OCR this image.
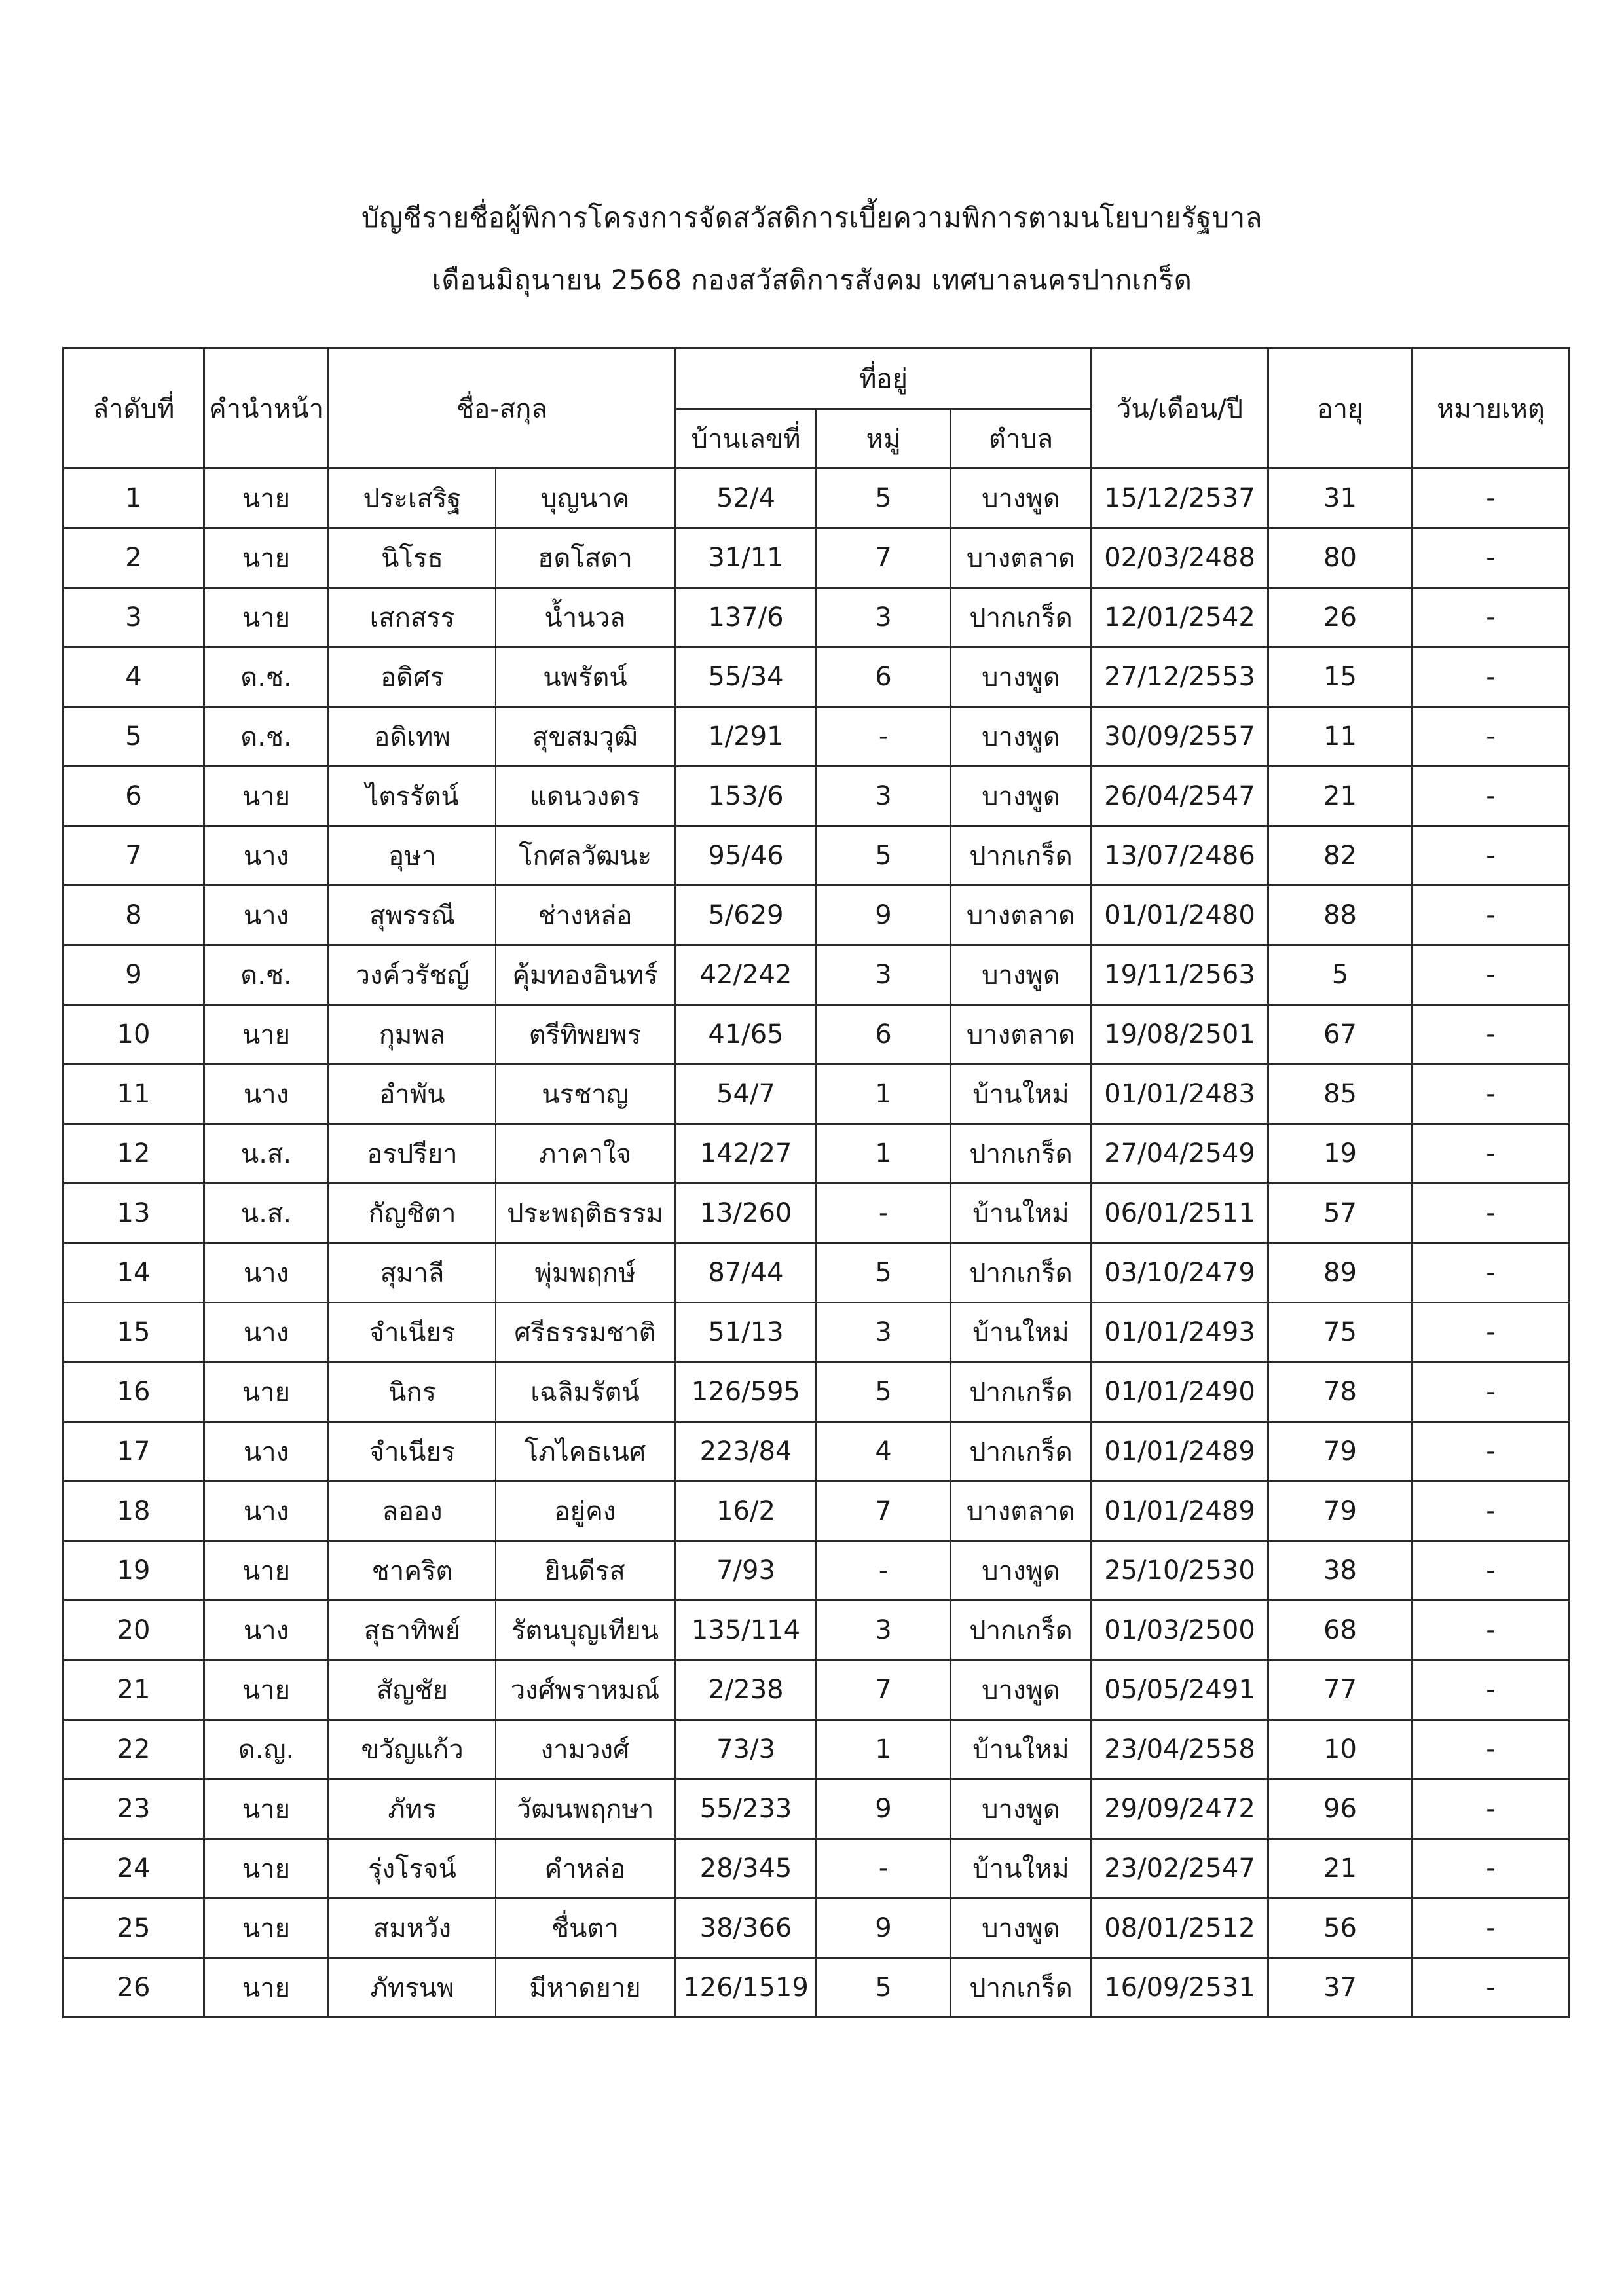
บัญชีรายชื่อผู้พิการโครงการจัดสวัสดิการเบี้ยความพิการตามนโยบายรัฐบาล
เดือนมิถุนายน 2568 กองสวัสดิการสังคม เทศบาลนครปากเกร็ด
ลำดับที่	คำนำหน้า	ชื่อ-สกุล		ที่อยู่			วัน/เดือน/ปี	อายุ	หมายเหตุ
				บ้านเลขที่	หมู่	ตำบล			
1	นาย	ประเสริฐ	บุญนาค	52/4	5	บางพูด	15/12/2537	31	-
2	นาย	นิโรธ	ฮดโสดา	31/11	7	บางตลาด	02/03/2488	80	-
3	นาย	เสกสรร	น้ำนวล	137/6	3	ปากเกร็ด	12/01/2542	26	-
4	ด.ช.	อดิศร	นพรัตน์	55/34	6	บางพูด	27/12/2553	15	-
5	ด.ช.	อดิเทพ	สุขสมวุฒิ	1/291	-	บางพูด	30/09/2557	11	-
6	นาย	ไตรรัตน์	แดนวงดร	153/6	3	บางพูด	26/04/2547	21	-
7	นาง	อุษา	โกศลวัฒนะ	95/46	5	ปากเกร็ด	13/07/2486	82	-
8	นาง	สุพรรณี	ช่างหล่อ	5/629	9	บางตลาด	01/01/2480	88	-
9	ด.ช.	วงค์วรัชญ์	คุ้มทองอินทร์	42/242	3	บางพูด	19/11/2563	5	-
10	นาย	กุมพล	ตรีทิพยพร	41/65	6	บางตลาด	19/08/2501	67	-
11	นาง	อำพัน	นรชาญ	54/7	1	บ้านใหม่	01/01/2483	85	-
12	น.ส.	อรปรียา	ภาคาใจ	142/27	1	ปากเกร็ด	27/04/2549	19	-
13	น.ส.	กัญชิตา	ประพฤติธรรม	13/260	-	บ้านใหม่	06/01/2511	57	-
14	นาง	สุมาลี	พุ่มพฤกษ์	87/44	5	ปากเกร็ด	03/10/2479	89	-
15	นาง	จำเนียร	ศรีธรรมชาติ	51/13	3	บ้านใหม่	01/01/2493	75	-
16	นาย	นิกร	เฉลิมรัตน์	126/595	5	ปากเกร็ด	01/01/2490	78	-
17	นาง	จำเนียร	โภไคธเนศ	223/84	4	ปากเกร็ด	01/01/2489	79	-
18	นาง	ลออง	อยู่คง	16/2	7	บางตลาด	01/01/2489	79	-
19	นาย	ชาคริต	ยินดีรส	7/93	-	บางพูด	25/10/2530	38	-
20	นาง	สุธาทิพย์	รัตนบุญเทียน	135/114	3	ปากเกร็ด	01/03/2500	68	-
21	นาย	สัญชัย	วงศ์พราหมณ์	2/238	7	บางพูด	05/05/2491	77	-
22	ด.ญ.	ขวัญแก้ว	งามวงศ์	73/3	1	บ้านใหม่	23/04/2558	10	-
23	นาย	ภัทร	วัฒนพฤกษา	55/233	9	บางพูด	29/09/2472	96	-
24	นาย	รุ่งโรจน์	คำหล่อ	28/345	-	บ้านใหม่	23/02/2547	21	-
25	นาย	สมหวัง	ชื่นตา	38/366	9	บางพูด	08/01/2512	56	-
26	นาย	ภัทรนพ	มีหาดยาย	126/1519	5	ปากเกร็ด	16/09/2531	37	-
